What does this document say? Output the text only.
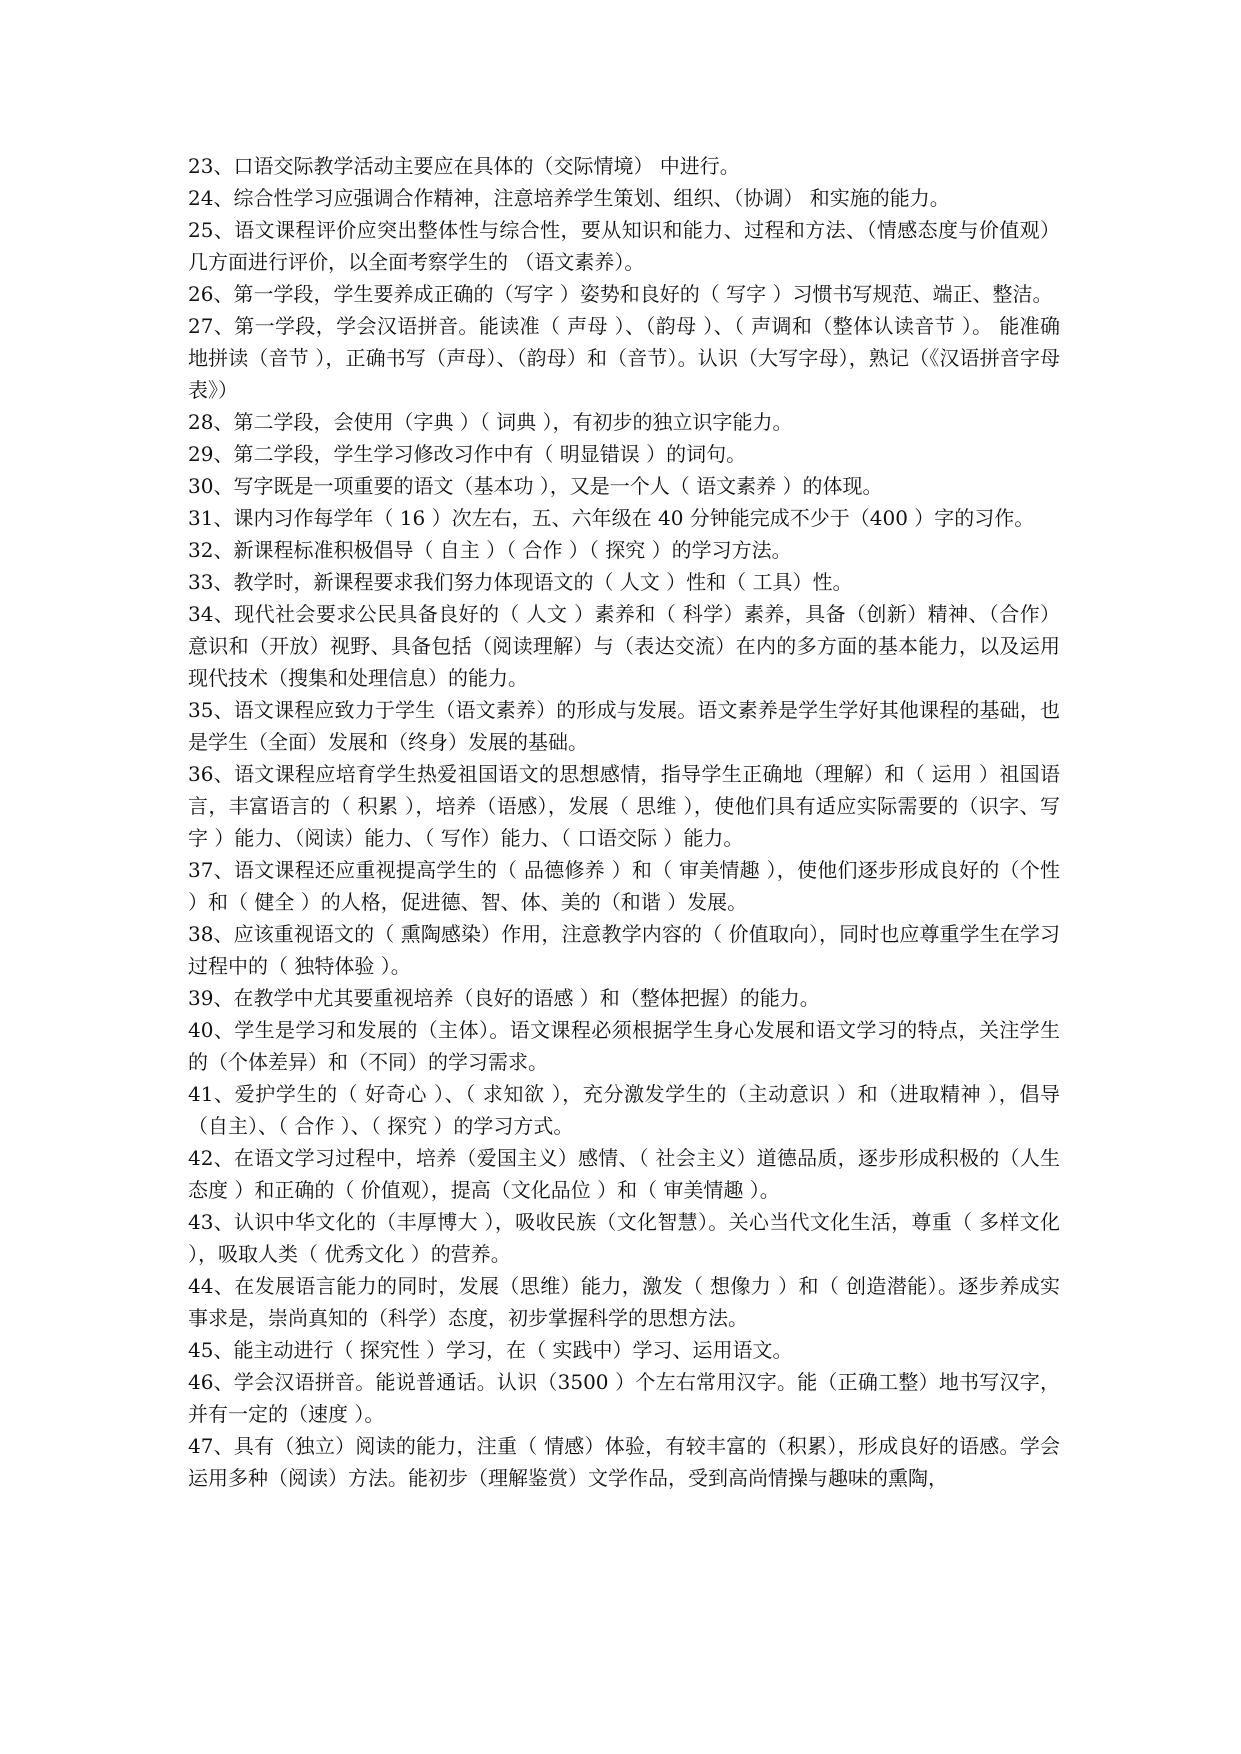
23、口语交际教学活动主要应在具体的（交际情境） 中进行。

24、综合性学习应强调合作精神，注意培养学生策划、组织、（协调） 和实施的能力。

25、语文课程评价应突出整体性与综合性，要从知识和能力、过程和方法、（情感态度与价值观）几方面进行评价，以全面考察学生的 （语文素养）。

26、第一学段，学生要养成正确的（写字 ）姿势和良好的（ 写字 ）习惯书写规范、端正、整洁。

27、第一学段，学会汉语拼音。能读准（ 声母 ）、（韵母 ）、（ 声调和（整体认读音节 ）。 能准确地拼读（音节 ），正确书写（声母）、（韵母）和（音节）。认识（大写字母），熟记（《汉语拼音字母表》）

28、第二学段，会使用（字典 ）（ 词典 ），有初步的独立识字能力。

29、第二学段，学生学习修改习作中有（ 明显错误 ）的词句。

30、写字既是一项重要的语文（基本功 ），又是一个人（ 语文素养 ）的体现。

31、课内习作每学年（ 16 ）次左右，五、六年级在 40 分钟能完成不少于（400 ）字的习作。

32、新课程标准积极倡导（ 自主 ）（ 合作 ）（ 探究 ）的学习方法。

33、教学时，新课程要求我们努力体现语文的（ 人文 ）性和（ 工具）性。

34、现代社会要求公民具备良好的（ 人文 ）素养和（ 科学）素养，具备（创新）精神、（合作）意识和（开放）视野、具备包括（阅读理解）与（表达交流）在内的多方面的基本能力，以及运用现代技术（搜集和处理信息）的能力。

35、语文课程应致力于学生（语文素养）的形成与发展。语文素养是学生学好其他课程的基础，也是学生（全面）发展和（终身）发展的基础。

36、语文课程应培育学生热爱祖国语文的思想感情，指导学生正确地（理解）和（ 运用 ）祖国语言，丰富语言的（ 积累 ），培养（语感），发展（ 思维 ），使他们具有适应实际需要的（识字、写字 ）能力、（阅读）能力、（ 写作）能力、（ 口语交际 ）能力。

37、语文课程还应重视提高学生的（ 品德修养 ）和（ 审美情趣 ），使他们逐步形成良好的（个性 ）和（ 健全 ）的人格，促进德、智、体、美的（和谐 ）发展。

38、应该重视语文的（ 熏陶感染）作用，注意教学内容的（ 价值取向），同时也应尊重学生在学习过程中的（ 独特体验 ）。

39、在教学中尤其要重视培养（良好的语感 ）和（整体把握）的能力。

40、学生是学习和发展的（主体）。语文课程必须根据学生身心发展和语文学习的特点，关注学生的（个体差异）和（不同）的学习需求。

41、爱护学生的（ 好奇心 ）、（ 求知欲 ），充分激发学生的（主动意识 ）和（进取精神 ），倡导（自主）、（ 合作 ）、（ 探究 ）的学习方式。

42、在语文学习过程中，培养（爱国主义）感情、（ 社会主义）道德品质，逐步形成积极的（人生态度 ）和正确的（ 价值观），提高（文化品位 ）和（ 审美情趣 ）。

43、认识中华文化的（丰厚博大 ），吸收民族（文化智慧）。关心当代文化生活，尊重（ 多样文化 ），吸取人类（ 优秀文化 ）的营养。

44、在发展语言能力的同时，发展（思维）能力，激发（ 想像力 ）和（ 创造潜能）。逐步养成实事求是，崇尚真知的（科学）态度，初步掌握科学的思想方法。

45、能主动进行（ 探究性 ）学习，在（ 实践中）学习、运用语文。

46、学会汉语拼音。能说普通话。认识（3500 ）个左右常用汉字。能（正确工整）地书写汉字，并有一定的（速度 ）。

47、具有（独立）阅读的能力，注重（ 情感）体验，有较丰富的（积累），形成良好的语感。学会运用多种（阅读）方法。能初步（理解鉴赏）文学作品，受到高尚情操与趣味的熏陶，
